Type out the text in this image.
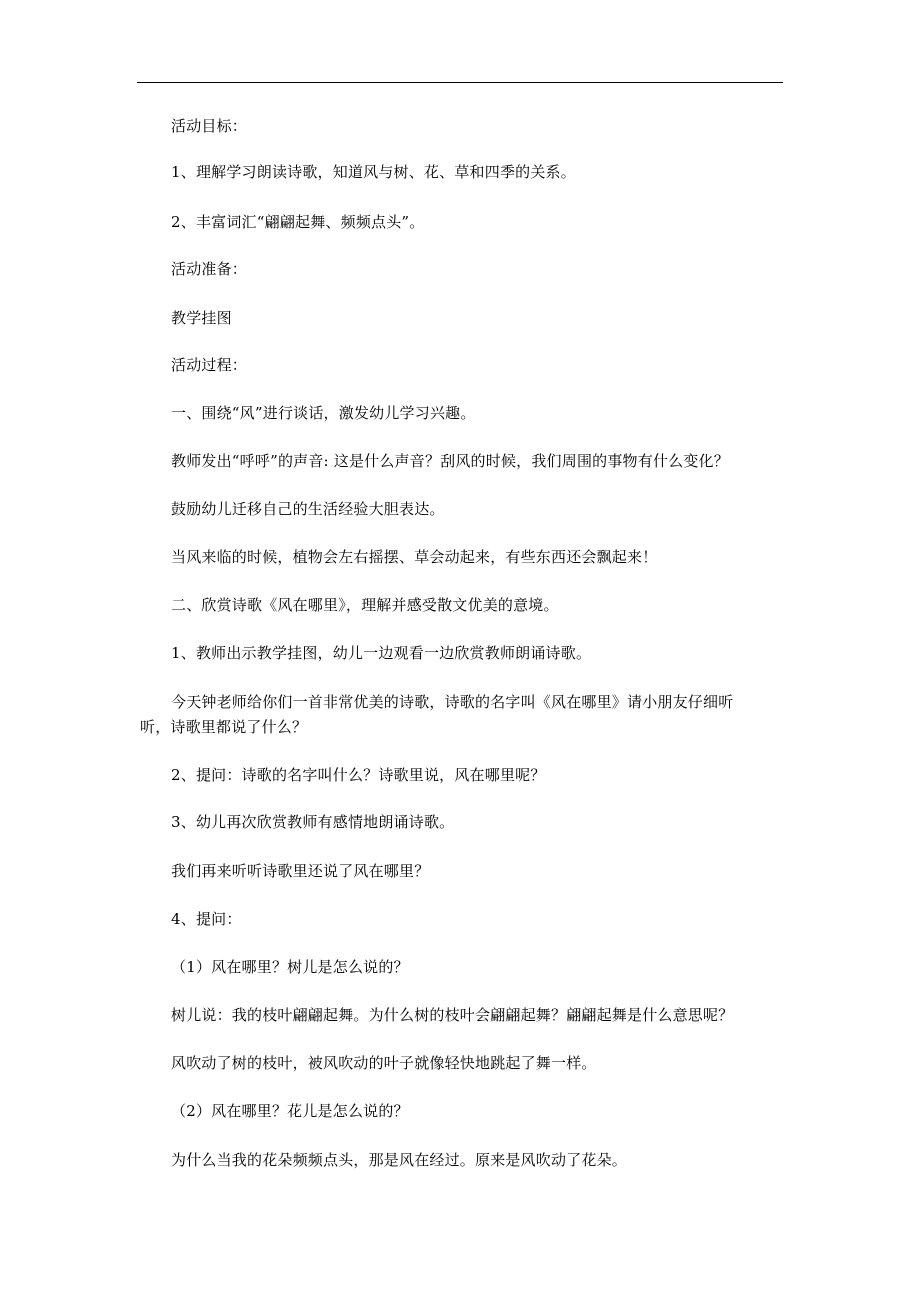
活动目标：

1、理解学习朗读诗歌，知道风与树、花、草和四季的关系。

2、丰富词汇“翩翩起舞、频频点头”。

活动准备：

教学挂图

活动过程：

一、围绕“风”进行谈话，激发幼儿学习兴趣。

教师发出“呼呼”的声音: 这是什么声音？刮风的时候，我们周围的事物有什么变化？

鼓励幼儿迁移自己的生活经验大胆表达。

当风来临的时候，植物会左右摇摆、草会动起来，有些东西还会飘起来！

二、欣赏诗歌《风在哪里》，理解并感受散文优美的意境。

1、教师出示教学挂图，幼儿一边观看一边欣赏教师朗诵诗歌。

今天钟老师给你们一首非常优美的诗歌，诗歌的名字叫《风在哪里》请小朋友仔细听听，诗歌里都说了什么？

2、提问：诗歌的名字叫什么？诗歌里说，风在哪里呢？

3、幼儿再次欣赏教师有感情地朗诵诗歌。

我们再来听听诗歌里还说了风在哪里？

4、提问：

（1）风在哪里？树儿是怎么说的？

树儿说：我的枝叶翩翩起舞。为什么树的枝叶会翩翩起舞？翩翩起舞是什么意思呢？

风吹动了树的枝叶，被风吹动的叶子就像轻快地跳起了舞一样。

（2）风在哪里？花儿是怎么说的？

为什么当我的花朵频频点头，那是风在经过。原来是风吹动了花朵。
